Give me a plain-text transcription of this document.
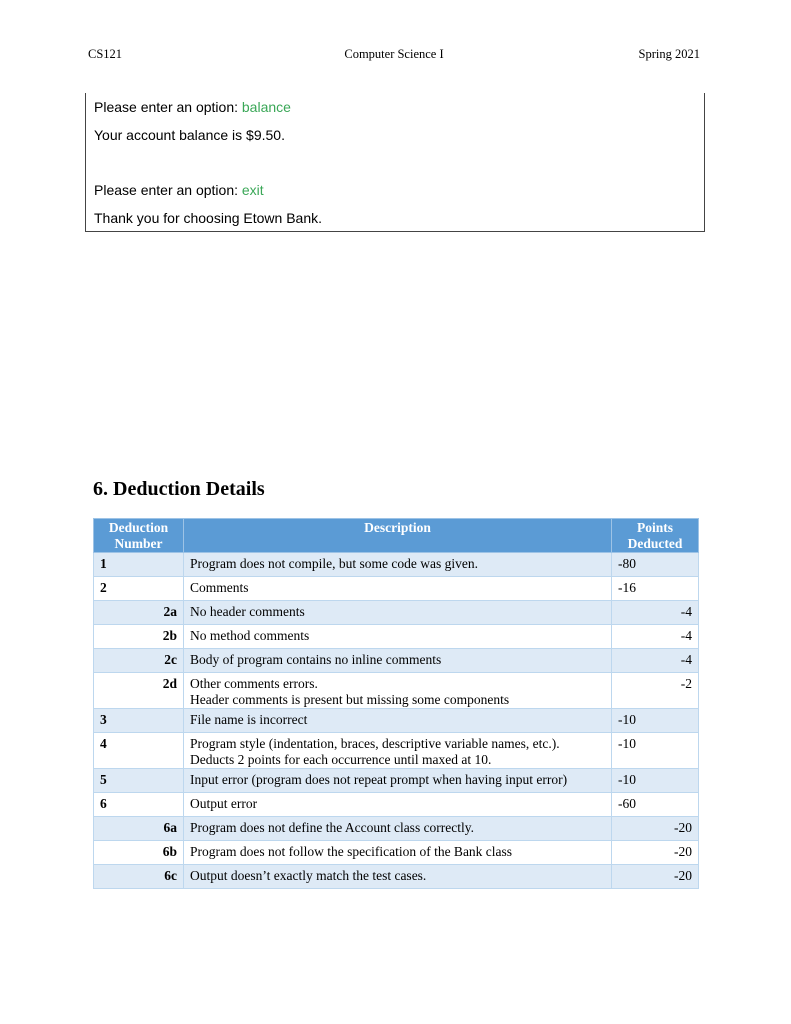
CS121	Computer Science I	Spring 2021
Please enter an option: balance
Your account balance is $9.50.
Please enter an option: exit
Thank you for choosing Etown Bank.
6. Deduction Details
Deduction Number	Description	Points Deducted
1	Program does not compile, but some code was given.	-80
2	Comments	-16
2a	No header comments	-4
2b	No method comments	-4
2c	Body of program contains no inline comments	-4
2d	Other comments errors.
Header comments is present but missing some components	-2
3	File name is incorrect	-10
4	Program style (indentation, braces, descriptive variable names, etc.).
Deducts 2 points for each occurrence until maxed at 10.	-10
5	Input error (program does not repeat prompt when having input error)	-10
6	Output error	-60
6a	Program does not define the Account class correctly.	-20
6b	Program does not follow the specification of the Bank class	-20
6c	Output doesn’t exactly match the test cases.	-20
